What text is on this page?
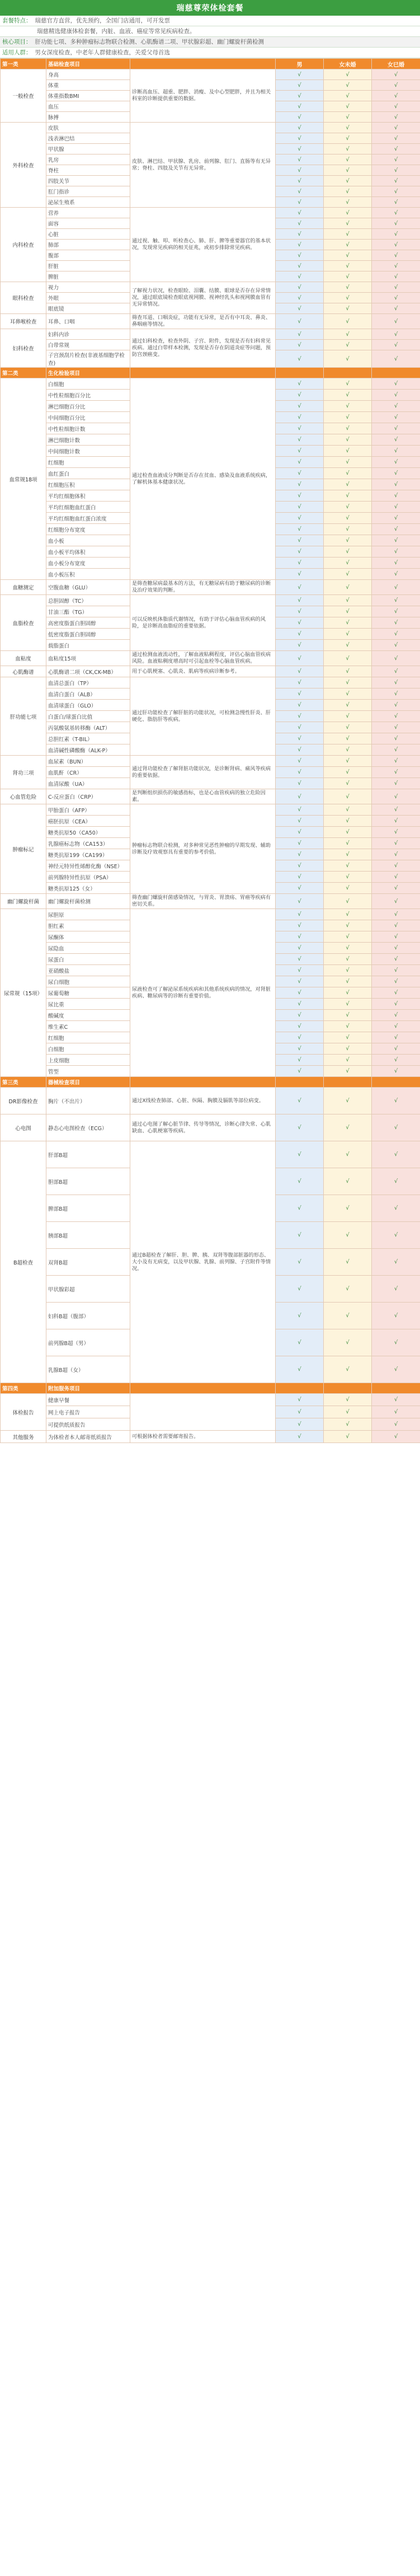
瑞慈尊荣体检套餐
套餐特点： 瑞慈官方直营，优先预约，全国门店通用，可开发票
瑞慈精选健康体检套餐，内脏、血液、癌症等常见疾病检查。
核心项目： 肝功能七项、多种肿瘤标志物联合检测、心肌酶谱二项、甲状腺彩超、幽门螺旋杆菌检测
适用人群： 男女深度检查，中老年人群健康检查，关爱父母首选
第一类	基础检查项目		男	女未婚	女已婚
一般检查	身高	诊断高血压、超重、肥胖、消瘦、及中心型肥胖，并且为相关科室的诊断提供重要的数据。	√	√	√
	体重		√	√	√
	体重指数BMI		√	√	√
	血压		√	√	√
	脉搏		√	√	√
外科检查	皮肤	皮肤、淋巴结、甲状腺、乳房、前列腺、肛门、直肠等有无异常；脊柱、四肢及关节有无异常。	√	√	√
	浅表淋巴结		√	√	√
	甲状腺		√	√	√
	乳房		√	√	√
	脊柱		√	√	√
	四肢关节		√	√	√
	肛门指诊		√	√	√
	泌尿生殖系		√	√	√
内科检查	营养	通过视、触、叩、听检查心、肺、肝、脾等重要器官的基本状况，发现常见疾病的相关征兆，或初步排除常见疾病。	√	√	√
	面容		√	√	√
	心脏		√	√	√
	肺部		√	√	√
	腹部		√	√	√
	肝脏		√	√	√
	脾脏		√	√	√
眼科检查	视力	了解视力状况，检查眼睑、泪囊、结膜、眼球是否存在异常情况，通过眼底镜检查眼底视网膜、视神经乳头和视网膜血管有无异常情况。	√	√	√
	外眼		√	√	√
	眼底镜		√	√	√
耳鼻喉检查	耳鼻、口咽	筛查耳道、口咽炎症，功能有无异常，是否有中耳炎、鼻炎、鼻咽癌等情况。	√	√	√
妇科检查	妇科内诊	通过妇科检查，检查外阴、子宫、附件，发现是否有妇科常见疾病。通过白带样本检测，发现是否存在阴道炎症等问题，预防宫颈癌变。	√	√	√
	白带常规		√	√	√
	子宫颈刮片检查(非液基细胞学检查)		√	√	√
第二类	生化检验项目				
血常规18项	白细胞	通过检查血液成分判断是否存在贫血、感染及血液系统疾病，了解机体基本健康状况。	√	√	√
	中性粒细胞百分比		√	√	√
	淋巴细胞百分比		√	√	√
	中间细胞百分比		√	√	√
	中性粒细胞计数		√	√	√
	淋巴细胞计数		√	√	√
	中间细胞计数		√	√	√
	红细胞		√	√	√
	血红蛋白		√	√	√
	红细胞压积		√	√	√
	平均红细胞体积		√	√	√
	平均红细胞血红蛋白		√	√	√
	平均红细胞血红蛋白浓度		√	√	√
	红细胞分布宽度		√	√	√
	血小板		√	√	√
	血小板平均体积		√	√	√
	血小板分布宽度		√	√	√
	血小板压积		√	√	√
血糖测定	空腹血糖（GLU）	是筛查糖尿病最基本的方法，有无糖尿病有助于糖尿病的诊断及治疗效果的判断。	√	√	√
血脂检查	总胆固醇（TC）	可以反映机体脂质代谢情况，有助于评估心脑血管疾病的风险，是诊断高血脂症的重要依据。	√	√	√
	甘油三酯（TG）		√	√	√
	高密度脂蛋白胆固醇		√	√	√
	低密度脂蛋白胆固醇		√	√	√
	载脂蛋白		√	√	√
血粘度	血粘度15项	通过检测血液流动性，了解血液粘稠程度，评估心脑血管疾病风险。血液粘稠度增高时可引起血栓等心脑血管疾病。	√	√	√
心肌酶谱	心肌酶谱二项（CK,CK-MB）	用于心肌梗塞、心肌炎、肌病等疾病诊断参考。	√	√	√
肝功能七项	血清总蛋白（TP）	通过肝功能检查了解肝脏的功能状况，可检测急慢性肝炎、肝硬化、脂肪肝等疾病。	√	√	√
	血清白蛋白（ALB）		√	√	√
	血清球蛋白（GLO）		√	√	√
	白蛋白/球蛋白比值		√	√	√
	丙氨酸氨基转移酶（ALT）		√	√	√
	总胆红素（T-BIL）		√	√	√
	血清碱性磷酸酶（ALK-P）		√	√	√
肾功三项	血尿素（BUN）	通过肾功能检查了解肾脏功能状况，是诊断肾病、痛风等疾病的重要依据。	√	√	√
	血肌酐（CR）		√	√	√
	血清尿酸（UA）		√	√	√
心血管危险	C-反应蛋白（CRP）	是判断组织损伤的敏感指标，也是心血管疾病的独立危险因素。	√	√	√
肿瘤标记	甲胎蛋白（AFP）	肿瘤标志物联合检测，对多种常见恶性肿瘤的早期发现、辅助诊断及疗效观察具有重要的参考价值。	√	√	√
	癌胚抗原（CEA）		√	√	√
	糖类抗原50（CA50）		√	√	√
	乳腺癌标志物（CA153）		√	√	√
	糖类抗原199（CA199）		√	√	√
	神经元特异性烯醇化酶（NSE）		√	√	√
	前列腺特异性抗原（PSA）		√	√	√
	糖类抗原125（女）		√	√	√
幽门螺旋杆菌	幽门螺旋杆菌检测	筛查幽门螺旋杆菌感染情况，与胃炎、胃溃疡、胃癌等疾病有密切关系。	√	√	√
尿常规（15项）	尿胆原	尿液检查可了解泌尿系统疾病和其他系统疾病的情况，对肾脏疾病、糖尿病等的诊断有重要价值。	√	√	√
	胆红素		√	√	√
	尿酮体		√	√	√
	尿隐血		√	√	√
	尿蛋白		√	√	√
	亚硝酸盐		√	√	√
	尿白细胞		√	√	√
	尿葡萄糖		√	√	√
	尿比重		√	√	√
	酸碱度		√	√	√
	维生素C		√	√	√
	红细胞		√	√	√
	白细胞		√	√	√
	上皮细胞		√	√	√
	管型		√	√	√
第三类	器械检查项目				
DR影像检查	胸片（不出片）	通过X线检查肺部、心脏、纵隔、胸膜及膈肌等部位病变。	√	√	√
心电图	静态心电图检查（ECG）	通过心电图了解心脏节律、传导等情况，诊断心律失常、心肌缺血、心肌梗塞等疾病。	√	√	√
B超检查	肝部B超	通过B超检查了解肝、胆、脾、胰、双肾等腹部脏器的形态、大小及有无病变，以及甲状腺、乳腺、前列腺、子宫附件等情况。	√	√	√
	胆部B超		√	√	√
	脾部B超		√	√	√
	胰部B超		√	√	√
	双肾B超		√	√	√
	甲状腺彩超		√	√	√
	妇科B超（腹部）		√	√	√
	前列腺B超（男）		√	√	√
	乳腺B超（女）		√	√	√
第四类	附加服务项目				
体检报告	健康早餐		√	√	√
	网上电子报告		√	√	√
	可提供纸质报告		√	√	√
其他服务	为体检者本人邮寄纸质报告	可根据体检者需要邮寄报告。	√	√	√
